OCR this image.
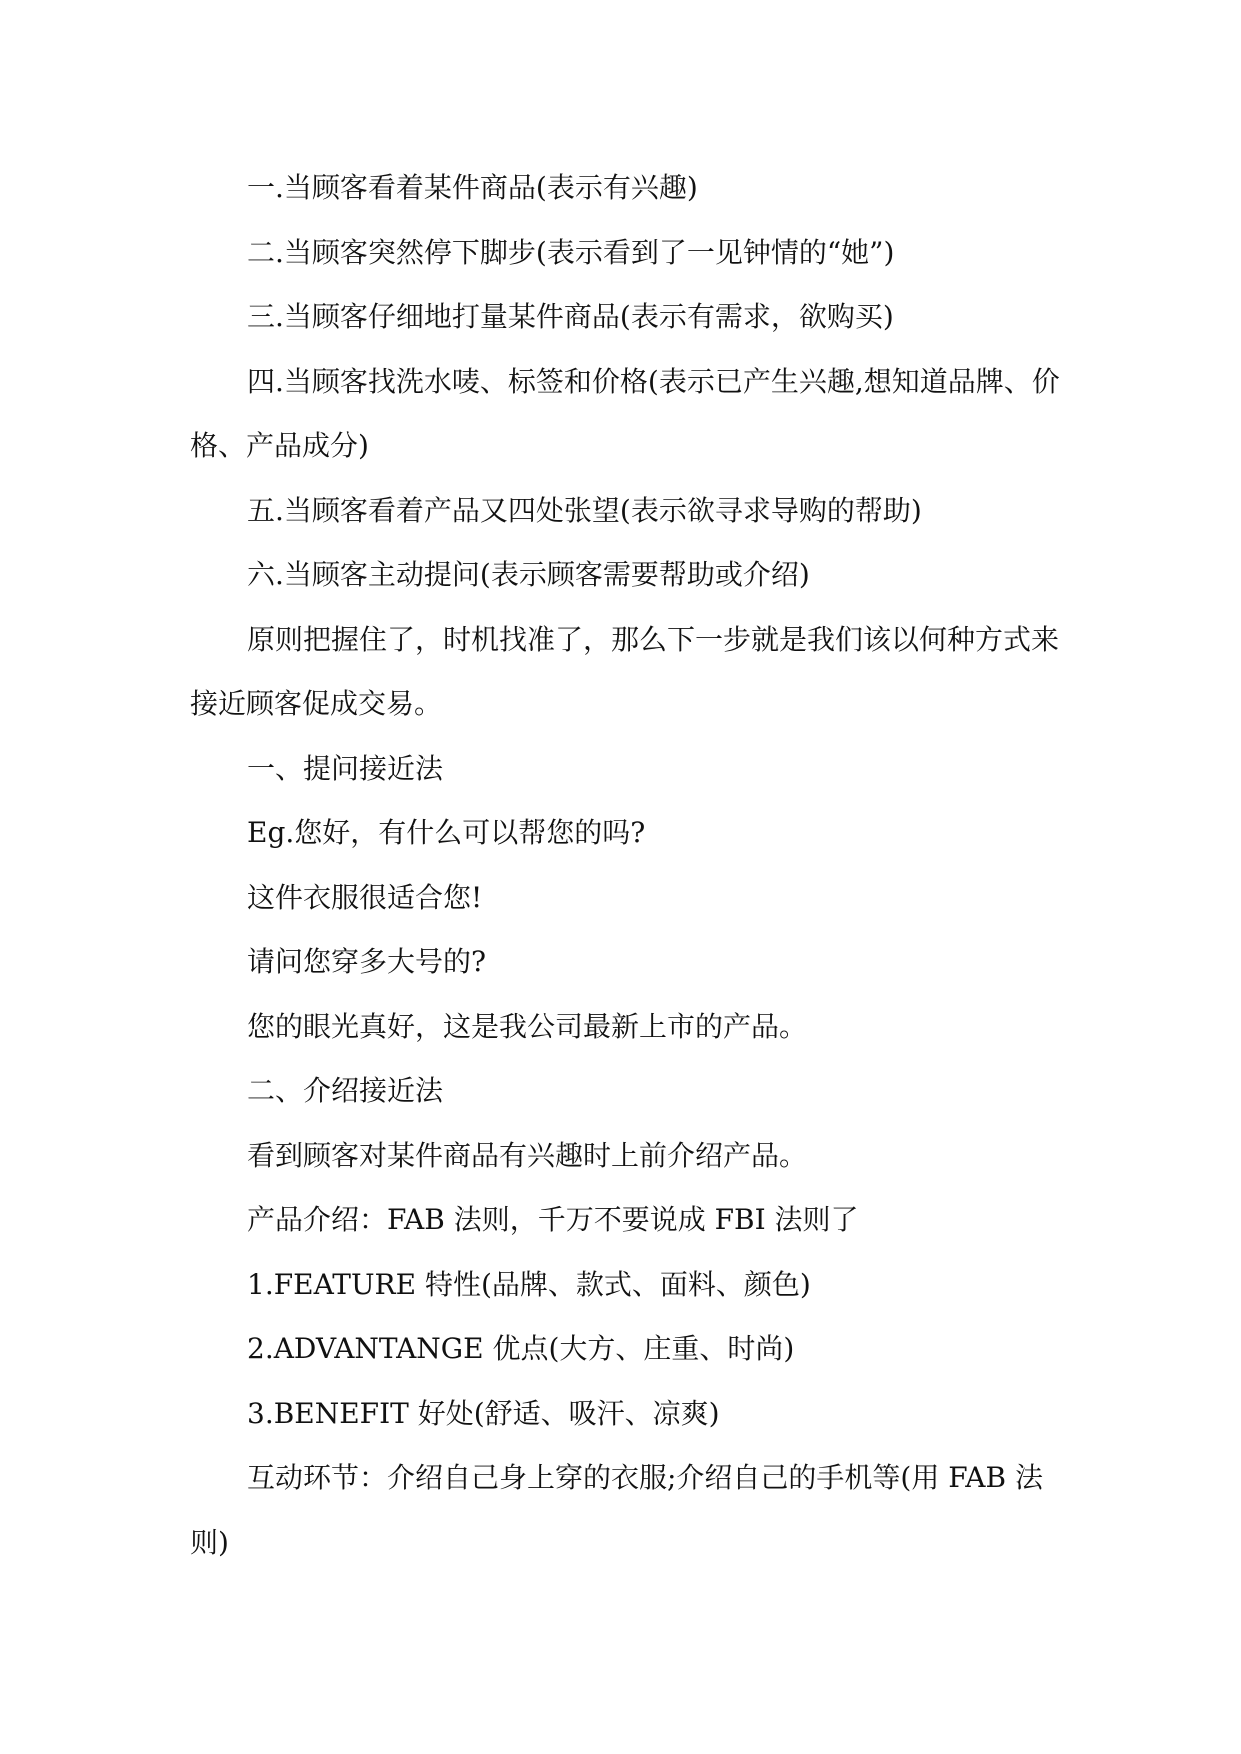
一.当顾客看着某件商品(表示有兴趣)

二.当顾客突然停下脚步(表示看到了一见钟情的“她”)

三.当顾客仔细地打量某件商品(表示有需求，欲购买)

四.当顾客找洗水唛、标签和价格(表示已产生兴趣,想知道品牌、价格、产品成分)

五.当顾客看着产品又四处张望(表示欲寻求导购的帮助)

六.当顾客主动提问(表示顾客需要帮助或介绍)

原则把握住了，时机找准了，那么下一步就是我们该以何种方式来接近顾客促成交易。

一、提问接近法

Eg.您好，有什么可以帮您的吗?

这件衣服很适合您!

请问您穿多大号的?

您的眼光真好，这是我公司最新上市的产品。

二、介绍接近法

看到顾客对某件商品有兴趣时上前介绍产品。

产品介绍：FAB 法则，千万不要说成 FBI 法则了

1.FEATURE 特性(品牌、款式、面料、颜色)

2.ADVANTANGE 优点(大方、庄重、时尚)

3.BENEFIT 好处(舒适、吸汗、凉爽)

互动环节：介绍自己身上穿的衣服;介绍自己的手机等(用 FAB 法则)
